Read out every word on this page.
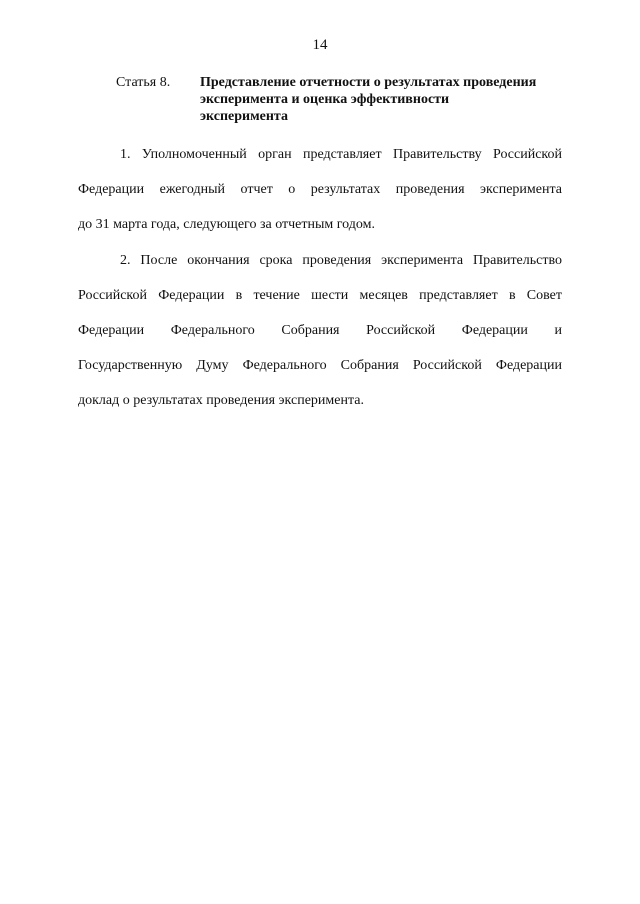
14
Статья 8.	Представление отчетности о результатах проведения
эксперимента и оценка эффективности
эксперимента
1. Уполномоченный орган представляет Правительству Российской
Федерации ежегодный отчет о результатах проведения эксперимента
до 31 марта года, следующего за отчетным годом.
2. После окончания срока проведения эксперимента Правительство
Российской Федерации в течение шести месяцев представляет в Совет
Федерации Федерального Собрания Российской Федерации и
Государственную Думу Федерального Собрания Российской Федерации
доклад о результатах проведения эксперимента.
